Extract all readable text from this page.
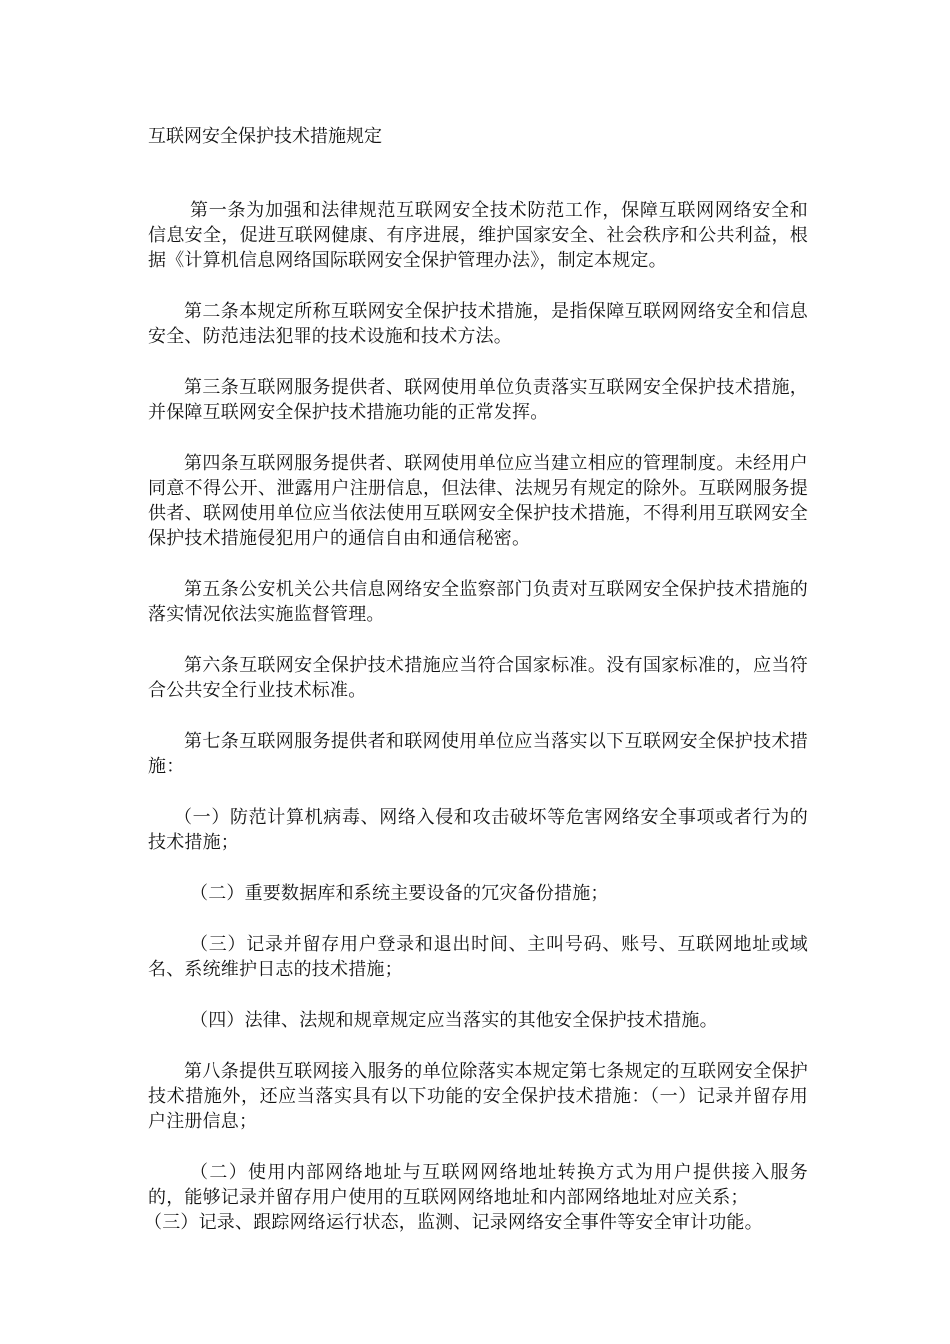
互联网安全保护技术措施规定

第一条为加强和法律规范互联网安全技术防范工作，保障互联网网络安全和信息安全，促进互联网健康、有序进展，维护国家安全、社会秩序和公共利益，根据《计算机信息网络国际联网安全保护管理办法》，制定本规定。

第二条本规定所称互联网安全保护技术措施，是指保障互联网网络安全和信息安全、防范违法犯罪的技术设施和技术方法。

第三条互联网服务提供者、联网使用单位负责落实互联网安全保护技术措施，并保障互联网安全保护技术措施功能的正常发挥。

第四条互联网服务提供者、联网使用单位应当建立相应的管理制度。未经用户同意不得公开、泄露用户注册信息，但法律、法规另有规定的除外。互联网服务提供者、联网使用单位应当依法使用互联网安全保护技术措施，不得利用互联网安全保护技术措施侵犯用户的通信自由和通信秘密。

第五条公安机关公共信息网络安全监察部门负责对互联网安全保护技术措施的落实情况依法实施监督管理。

第六条互联网安全保护技术措施应当符合国家标准。没有国家标准的，应当符合公共安全行业技术标准。

第七条互联网服务提供者和联网使用单位应当落实以下互联网安全保护技术措施：

（一）防范计算机病毒、网络入侵和攻击破坏等危害网络安全事项或者行为的技术措施；

（二）重要数据库和系统主要设备的冗灾备份措施；

（三）记录并留存用户登录和退出时间、主叫号码、账号、互联网地址或域名、系统维护日志的技术措施；

（四）法律、法规和规章规定应当落实的其他安全保护技术措施。

第八条提供互联网接入服务的单位除落实本规定第七条规定的互联网安全保护技术措施外，还应当落实具有以下功能的安全保护技术措施：（一）记录并留存用户注册信息；

（二）使用内部网络地址与互联网网络地址转换方式为用户提供接入服务的，能够记录并留存用户使用的互联网网络地址和内部网络地址对应关系；

（三）记录、跟踪网络运行状态，监测、记录网络安全事件等安全审计功能。
